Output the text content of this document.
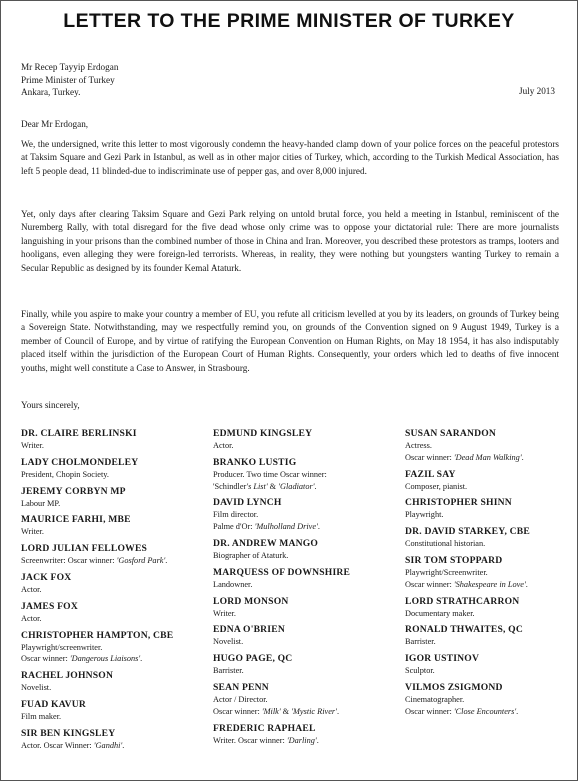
LETTER TO THE PRIME MINISTER OF TURKEY
Mr Recep Tayyip Erdogan
Prime Minister of Turkey
Ankara, Turkey.	July 2013
Dear Mr Erdogan,
We, the undersigned, write this letter to most vigorously condemn the heavy-handed clamp down of your police forces on the peaceful protestors at Taksim Square and Gezi Park in Istanbul, as well as in other major cities of Turkey, which, according to the Turkish Medical Association, has left 5 people dead, 11 blinded-due to indiscriminate use of pepper gas, and over 8,000 injured.
Yet, only days after clearing Taksim Square and Gezi Park relying on untold brutal force, you held a meeting in Istanbul, reminiscent of the Nuremberg Rally, with total disregard for the five dead whose only crime was to oppose your dictatorial rule: There are more journalists languishing in your prisons than the combined number of those in China and Iran. Moreover, you described these protestors as tramps, looters and hooligans, even alleging they were foreign-led terrorists. Whereas, in reality, they were nothing but youngsters wanting Turkey to remain a Secular Republic as designed by its founder Kemal Ataturk.
Finally, while you aspire to make your country a member of EU, you refute all criticism levelled at you by its leaders, on grounds of Turkey being a Sovereign State. Notwithstanding, may we respectfully remind you, on grounds of the Convention signed on 9 August 1949, Turkey is a member of Council of Europe, and by virtue of ratifying the European Convention on Human Rights, on May 18 1954, it has also indisputably placed itself within the jurisdiction of the European Court of Human Rights. Consequently, your orders which led to deaths of five innocent youths, might well constitute a Case to Answer, in Strasbourg.
Yours sincerely,
DR. CLAIRE BERLINSKI
Writer.
LADY CHOLMONDELEY
President, Chopin Society.
JEREMY CORBYN MP
Labour MP.
MAURICE FARHI, MBE
Writer.
LORD JULIAN FELLOWES
Screenwriter: Oscar winner: 'Gosford Park'.
JACK FOX
Actor.
JAMES FOX
Actor.
CHRISTOPHER HAMPTON, CBE
Playwright/screenwriter.
Oscar winner: 'Dangerous Liaisons'.
RACHEL JOHNSON
Novelist.
FUAD KAVUR
Film maker.
SIR BEN KINGSLEY
Actor. Oscar Winner: 'Gandhi'.
EDMUND KINGSLEY
Actor.
BRANKO LUSTIG
Producer. Two time Oscar winner:
'Schindler's List' & 'Gladiator'.
DAVID LYNCH
Film director.
Palme d'Or: 'Mulholland Drive'.
DR. ANDREW MANGO
Biographer of Ataturk.
MARQUESS OF DOWNSHIRE
Landowner.
LORD MONSON
Writer.
EDNA O'BRIEN
Novelist.
HUGO PAGE, QC
Barrister.
SEAN PENN
Actor / Director.
Oscar winner: 'Milk' & 'Mystic River'.
FREDERIC RAPHAEL
Writer. Oscar winner: 'Darling'.
SUSAN SARANDON
Actress.
Oscar winner: 'Dead Man Walking'.
FAZIL SAY
Composer, pianist.
CHRISTOPHER SHINN
Playwright.
DR. DAVID STARKEY, CBE
Constitutional historian.
SIR TOM STOPPARD
Playwright/Screenwriter.
Oscar winner: 'Shakespeare in Love'.
LORD STRATHCARRON
Documentary maker.
RONALD THWAITES, QC
Barrister.
IGOR USTINOV
Sculptor.
VILMOS ZSIGMOND
Cinematographer.
Oscar winner: 'Close Encounters'.
